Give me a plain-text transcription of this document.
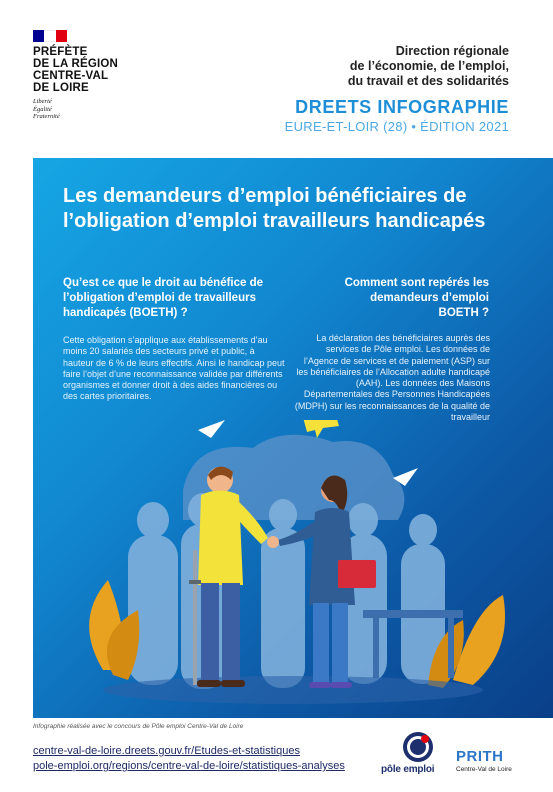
PRÉFÈTE
DE LA RÉGION
CENTRE-VAL
DE LOIRE
Liberté
Égalité
Fraternité
Direction régionale
de l’économie, de l’emploi,
du travail et des solidarités
DREETS INFOGRAPHIE
EURE-ET-LOIR (28) • ÉDITION 2021
Les demandeurs d’emploi bénéficiaires de l’obligation d’emploi travailleurs handicapés
Qu’est ce que le droit au bénéfice de l’obligation d’emploi de travailleurs handicapés (BOETH) ?
Cette obligation s’applique aux établissements d’au moins 20 salariés des secteurs privé et public, à hauteur de 6 % de leurs effectifs. Ainsi le handicap peut faire l’objet d’une reconnaissance validée par différents organismes et donner droit à des aides financières ou des cartes prioritaires.
Comment sont repérés les demandeurs d’emploi BOETH ?
La déclaration des bénéficiaires auprès des services de Pôle emploi. Les données de l’Agence de services et de paiement (ASP) sur les bénéficiaires de l’Allocation adulte handicapé (AAH). Les données des Maisons Départementales des Personnes Handicapées (MDPH) sur les reconnaissances de la qualité de travailleur
Infographie réalisée avec le concours de Pôle emploi Centre-Val de Loire
centre-val-de-loire.dreets.gouv.fr/Etudes-et-statistiques
pole-emploi.org/regions/centre-val-de-loire/statistiques-analyses	pôle emploi
PRITH
Centre-Val de Loire
